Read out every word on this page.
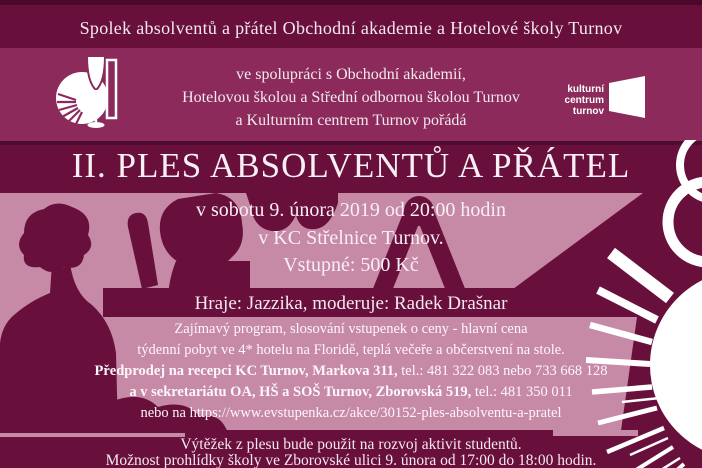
kulturní
centrum
turnov
Spolek absolventů a přátel Obchodní akademie a Hotelové školy Turnov
ve spolupráci s Obchodní akademií,
Hotelovou školou a Střední odbornou školou Turnov
a Kulturním centrem Turnov pořádá
II. PLES ABSOLVENTŮ A PŘÁTEL
v sobotu 9. února 2019 od 20:00 hodin
v KC Střelnice Turnov.
Vstupné: 500 Kč
Hraje: Jazzika, moderuje: Radek Drašnar
Zajímavý program, slosování vstupenek o ceny - hlavní cena
týdenní pobyt ve 4* hotelu na Floridě, teplá večeře a občerstvení na stole.
Předprodej na recepci KC Turnov, Markova 311, tel.: 481 322 083 nebo 733 668 128
a v sekretariátu OA, HŠ a SOŠ Turnov, Zborovská 519, tel.: 481 350 011
nebo na https://www.evstupenka.cz/akce/30152-ples-absolventu-a-pratel
Výtěžek z plesu bude použit na rozvoj aktivit studentů.
Možnost prohlídky školy ve Zborovské ulici 9. února od 17:00 do 18:00 hodin.
